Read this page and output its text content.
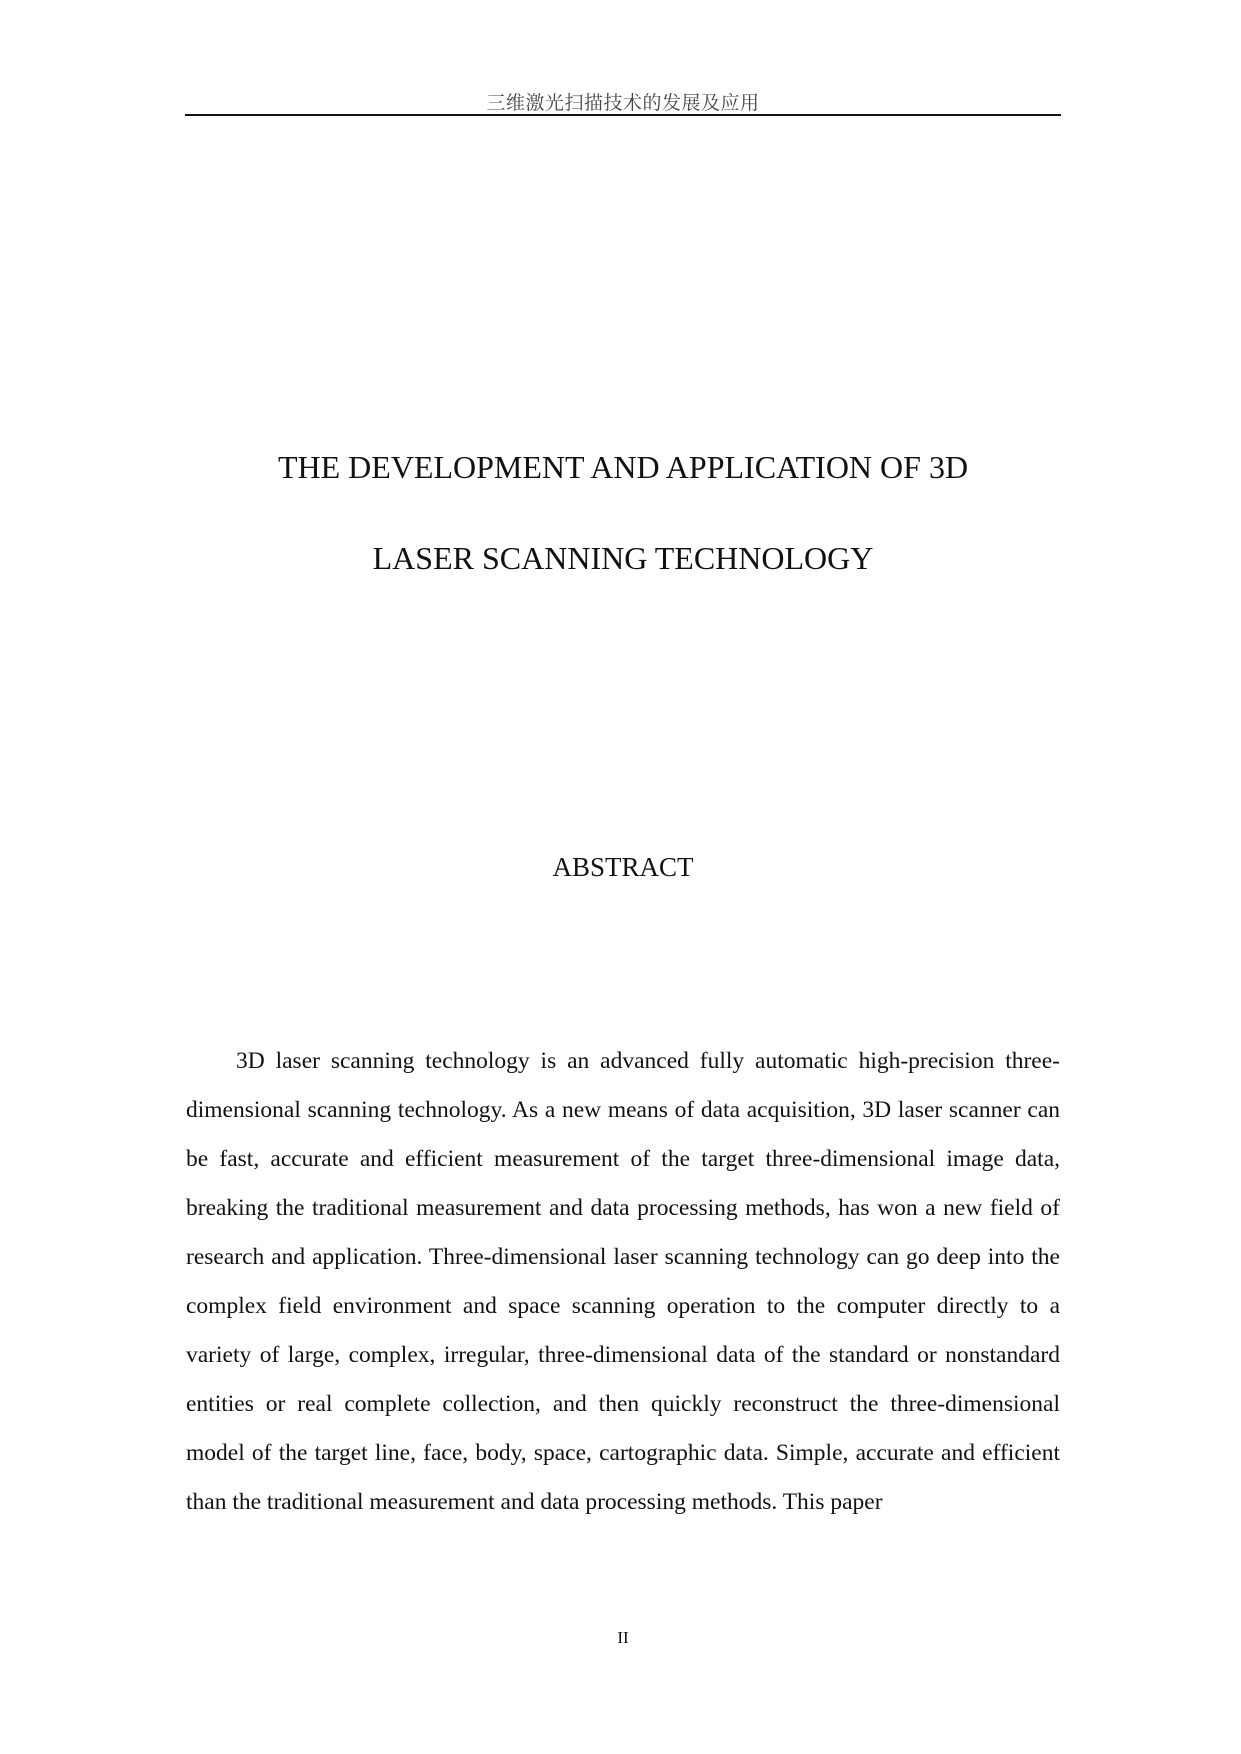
三维激光扫描技术的发展及应用

THE DEVELOPMENT AND APPLICATION OF 3D

LASER SCANNING TECHNOLOGY

ABSTRACT

3D laser scanning technology is an advanced fully automatic high-precision three-dimensional scanning technology. As a new means of data acquisition, 3D laser scanner can be fast, accurate and efficient measurement of the target three-dimensional image data, breaking the traditional measurement and data processing methods, has won a new field of research and application. Three-dimensional laser scanning technology can go deep into the complex field environment and space scanning operation to the computer directly to a variety of large, complex, irregular, three-dimensional data of the standard or nonstandard entities or real complete collection, and then quickly reconstruct the three-dimensional model of the target line, face, body, space, cartographic data. Simple, accurate and efficient than the traditional measurement and data processing methods. This paper

II
